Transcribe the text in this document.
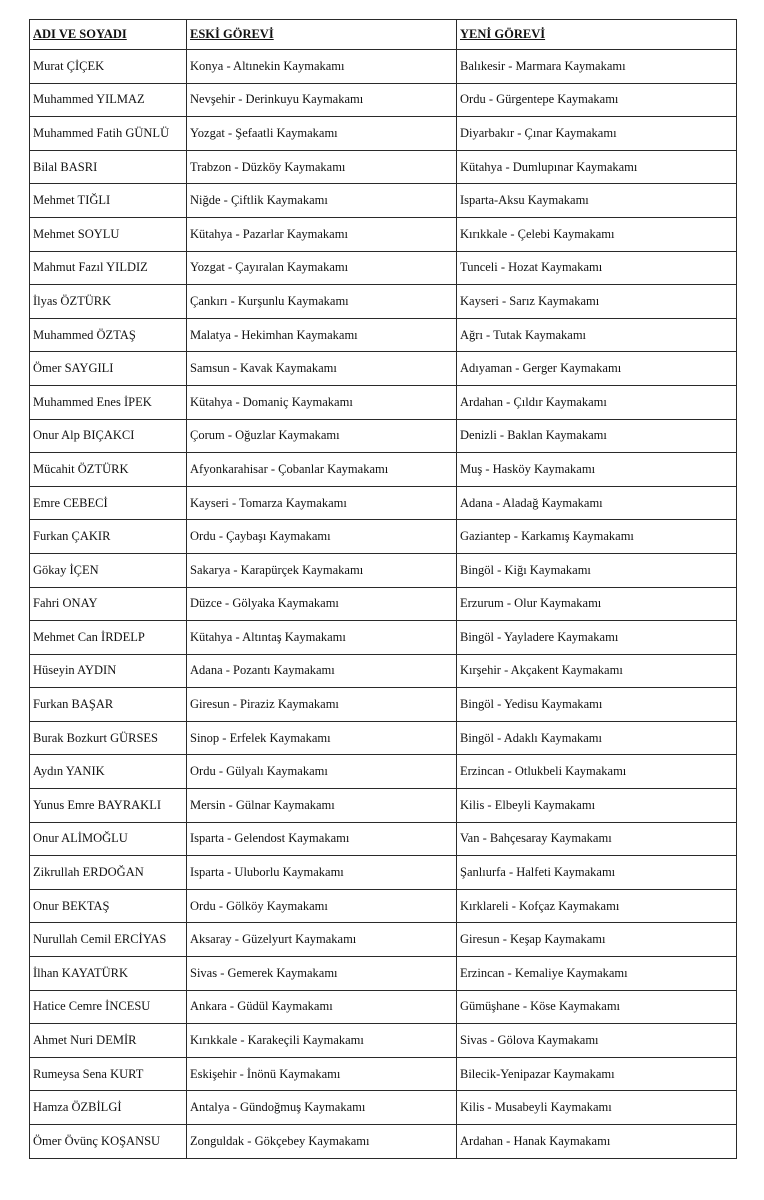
ADI VE SOYADI	ESKİ GÖREVİ	YENİ GÖREVİ
Murat ÇİÇEK	Konya - Altınekin Kaymakamı	Balıkesir - Marmara Kaymakamı
Muhammed YILMAZ	Nevşehir - Derinkuyu Kaymakamı	Ordu - Gürgentepe Kaymakamı
Muhammed Fatih GÜNLÜ	Yozgat - Şefaatli Kaymakamı	Diyarbakır - Çınar Kaymakamı
Bilal BASRI	Trabzon - Düzköy Kaymakamı	Kütahya - Dumlupınar Kaymakamı
Mehmet TIĞLI	Niğde - Çiftlik Kaymakamı	Isparta-Aksu Kaymakamı
Mehmet SOYLU	Kütahya - Pazarlar Kaymakamı	Kırıkkale - Çelebi Kaymakamı
Mahmut Fazıl YILDIZ	Yozgat - Çayıralan Kaymakamı	Tunceli - Hozat Kaymakamı
İlyas ÖZTÜRK	Çankırı - Kurşunlu Kaymakamı	Kayseri - Sarız Kaymakamı
Muhammed ÖZTAŞ	Malatya - Hekimhan Kaymakamı	Ağrı - Tutak Kaymakamı
Ömer SAYGILI	Samsun - Kavak Kaymakamı	Adıyaman - Gerger Kaymakamı
Muhammed Enes İPEK	Kütahya - Domaniç Kaymakamı	Ardahan - Çıldır Kaymakamı
Onur Alp BIÇAKCI	Çorum - Oğuzlar Kaymakamı	Denizli - Baklan Kaymakamı
Mücahit ÖZTÜRK	Afyonkarahisar - Çobanlar Kaymakamı	Muş - Hasköy Kaymakamı
Emre CEBECİ	Kayseri - Tomarza Kaymakamı	Adana - Aladağ Kaymakamı
Furkan ÇAKIR	Ordu - Çaybaşı Kaymakamı	Gaziantep - Karkamış Kaymakamı
Gökay İÇEN	Sakarya - Karapürçek Kaymakamı	Bingöl - Kiğı Kaymakamı
Fahri ONAY	Düzce - Gölyaka Kaymakamı	Erzurum - Olur Kaymakamı
Mehmet Can İRDELP	Kütahya - Altıntaş Kaymakamı	Bingöl - Yayladere Kaymakamı
Hüseyin AYDIN	Adana - Pozantı Kaymakamı	Kırşehir - Akçakent Kaymakamı
Furkan BAŞAR	Giresun - Piraziz Kaymakamı	Bingöl - Yedisu Kaymakamı
Burak Bozkurt GÜRSES	Sinop - Erfelek Kaymakamı	Bingöl - Adaklı Kaymakamı
Aydın YANIK	Ordu - Gülyalı Kaymakamı	Erzincan - Otlukbeli Kaymakamı
Yunus Emre BAYRAKLI	Mersin - Gülnar Kaymakamı	Kilis - Elbeyli Kaymakamı
Onur ALİMOĞLU	Isparta - Gelendost Kaymakamı	Van - Bahçesaray Kaymakamı
Zikrullah ERDOĞAN	Isparta - Uluborlu Kaymakamı	Şanlıurfa - Halfeti Kaymakamı
Onur BEKTAŞ	Ordu - Gölköy Kaymakamı	Kırklareli - Kofçaz Kaymakamı
Nurullah Cemil ERCİYAS	Aksaray - Güzelyurt Kaymakamı	Giresun - Keşap Kaymakamı
İlhan KAYATÜRK	Sivas - Gemerek Kaymakamı	Erzincan - Kemaliye Kaymakamı
Hatice Cemre İNCESU	Ankara - Güdül Kaymakamı	Gümüşhane - Köse Kaymakamı
Ahmet Nuri DEMİR	Kırıkkale - Karakeçili Kaymakamı	Sivas - Gölova Kaymakamı
Rumeysa Sena KURT	Eskişehir - İnönü Kaymakamı	Bilecik-Yenipazar Kaymakamı
Hamza ÖZBİLGİ	Antalya - Gündoğmuş Kaymakamı	Kilis - Musabeyli Kaymakamı
Ömer Övünç KOŞANSU	Zonguldak - Gökçebey Kaymakamı	Ardahan - Hanak Kaymakamı
